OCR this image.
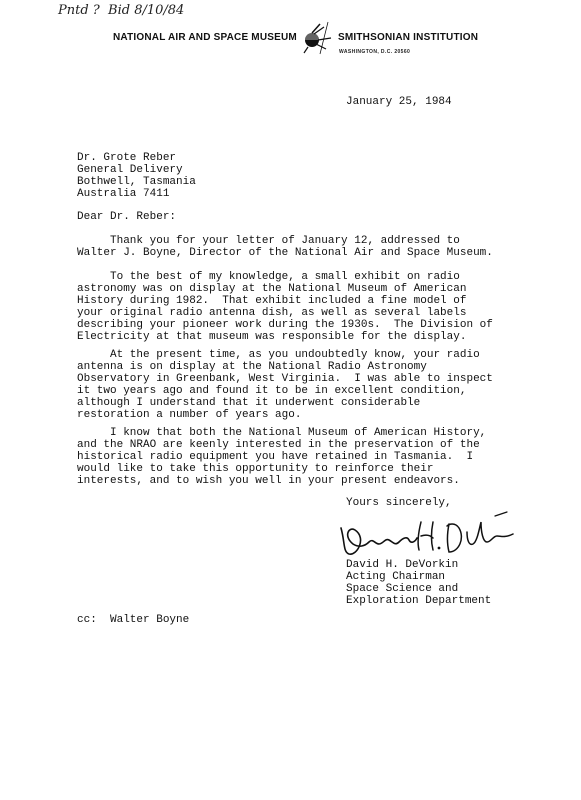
Pntd ?  Bid 8/10/84
NATIONAL AIR AND SPACE MUSEUM	SMITHSONIAN INSTITUTION
WASHINGTON, D.C. 20560
January 25, 1984
Dr. Grote Reber
General Delivery
Bothwell, Tasmania
Australia 7411
Dear Dr. Reber:
Thank you for your letter of January 12, addressed to
Walter J. Boyne, Director of the National Air and Space Museum.
To the best of my knowledge, a small exhibit on radio
astronomy was on display at the National Museum of American
History during 1982.  That exhibit included a fine model of
your original radio antenna dish, as well as several labels
describing your pioneer work during the 1930s.  The Division of
Electricity at that museum was responsible for the display.
At the present time, as you undoubtedly know, your radio
antenna is on display at the National Radio Astronomy
Observatory in Greenbank, West Virginia.  I was able to inspect
it two years ago and found it to be in excellent condition,
although I understand that it underwent considerable
restoration a number of years ago.
I know that both the National Museum of American History,
and the NRAO are keenly interested in the preservation of the
historical radio equipment you have retained in Tasmania.  I
would like to take this opportunity to reinforce their
interests, and to wish you well in your present endeavors.
Yours sincerely,
David H. DeVorkin
Acting Chairman
Space Science and
Exploration Department
cc:  Walter Boyne
